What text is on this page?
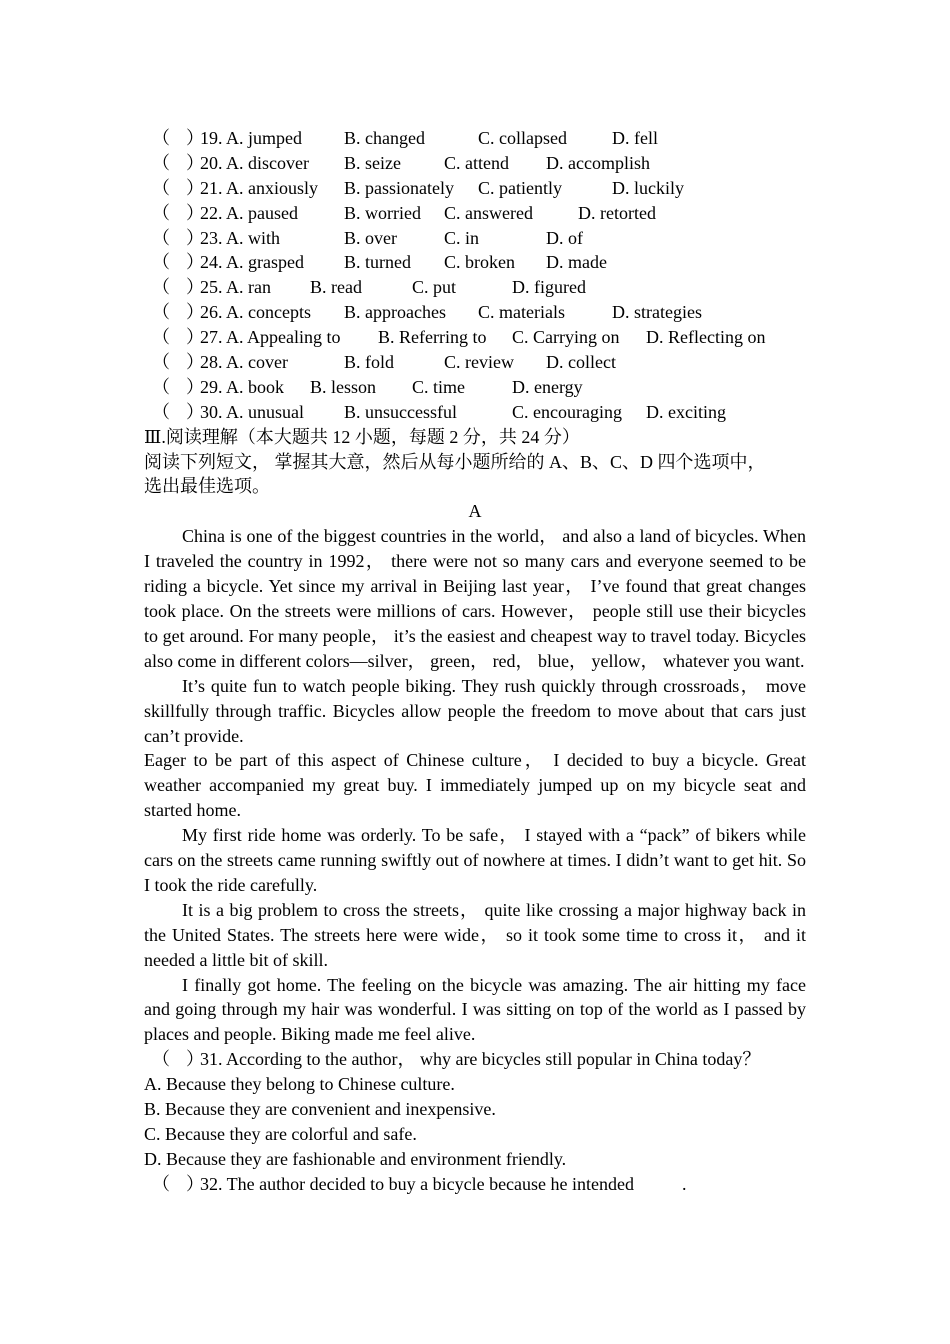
（ ）
19. A. jumped B. changed	C. collapsed	D. fell
（ ）
20. A. discover B. seize C. attend D. accomplish
（ ）
21. A. anxiously B. passionately C. patiently	D. luckily
（ ）
22. A. paused	B. worried C. answered	D. retorted
（ ）
23. A. with	B. over	C. in	D. of
（ ）
24. A. grasped B. turned C. broken D. made
（ ）
25. A. ran B. read	C. put	D. figured
（ ）
26. A. concepts B. approaches C. materials	D. strategies
（ ）
27. A. Appealing to B. Referring to C. Carrying on D. Reflecting on
（ ）
28. A. cover	B. fold	C. review D. collect
（ ）
29. A. book B. lesson C. time	D. energy
（ ）
30. A. unusual B. unsuccessful	C. encouraging D. exciting
Ⅲ.阅读理解（本大题共 12 小题，每题 2 分，共 24 分）
阅读下列短文， 掌握其大意，然后从每小题所给的 A、B、C、D 四个选项中，
选出最佳选项。
A

China is one of the biggest countries in the world， and also a land of bicycles. When I traveled the country in 1992， there were not so many cars and everyone seemed to be riding a bicycle. Yet since my arrival in Beijing last year， I’ve found that great changes took place. On the streets were millions of cars. However， people still use their bicycles to get around. For many people， it’s the easiest and cheapest way to travel today. Bicycles also come in different colors—silver， green， red， blue， yellow， whatever you want.

It’s quite fun to watch people biking. They rush quickly through crossroads， move skillfully through traffic. Bicycles allow people the freedom to move about that cars just can’t provide.

Eager to be part of this aspect of Chinese culture， I decided to buy a bicycle. Great weather accompanied my great buy. I immediately jumped up on my bicycle seat and started home.

My first ride home was orderly. To be safe， I stayed with a “pack” of bikers while cars on the streets came running swiftly out of nowhere at times. I didn’t want to get hit. So I took the ride carefully.

It is a big problem to cross the streets， quite like crossing a major highway back in the United States. The streets here were wide， so it took some time to cross it， and it needed a little bit of skill.

I finally got home. The feeling on the bicycle was amazing. The air hitting my face and going through my hair was wonderful. I was sitting on top of the world as I passed by places and people. Biking made me feel alive.

（ ）
31. According to the author， why are bicycles still popular in China today？
A. Because they belong to Chinese culture.
B. Because they are convenient and inexpensive.
C. Because they are colorful and safe.
D. Because they are fashionable and environment friendly.
（ ）
32. The author decided to buy a bicycle because he intended	.
